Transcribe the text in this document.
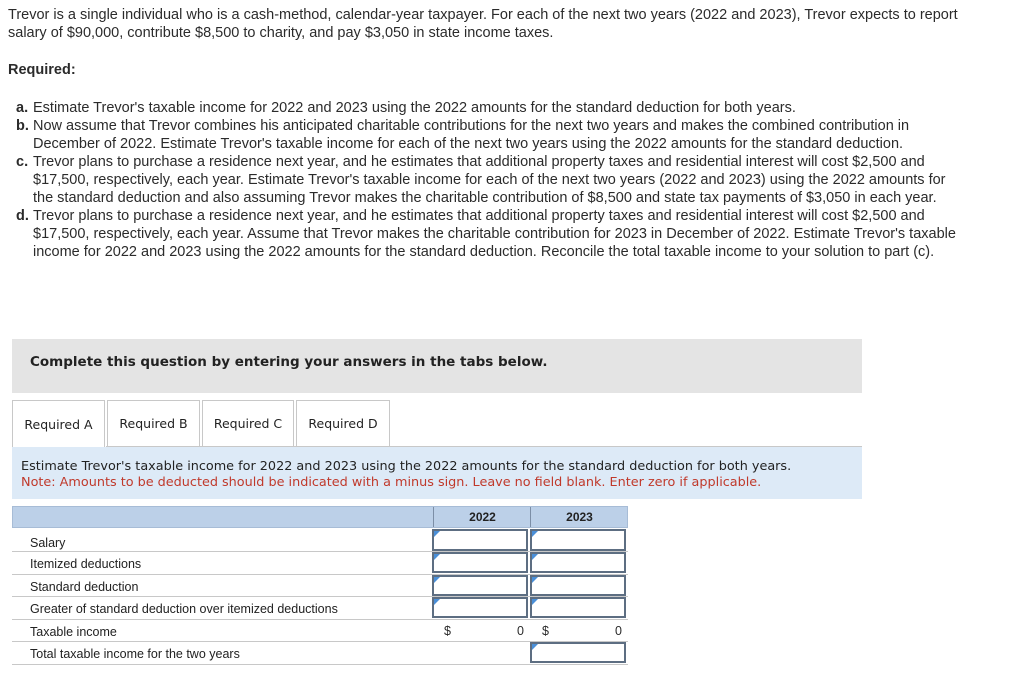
Trevor is a single individual who is a cash-method, calendar-year taxpayer. For each of the next two years (2022 and 2023), Trevor expects to report salary of $90,000, contribute $8,500 to charity, and pay $3,050 in state income taxes.
Required:
a. Estimate Trevor's taxable income for 2022 and 2023 using the 2022 amounts for the standard deduction for both years.
b. Now assume that Trevor combines his anticipated charitable contributions for the next two years and makes the combined contribution in December of 2022. Estimate Trevor's taxable income for each of the next two years using the 2022 amounts for the standard deduction.
c. Trevor plans to purchase a residence next year, and he estimates that additional property taxes and residential interest will cost $2,500 and $17,500, respectively, each year. Estimate Trevor's taxable income for each of the next two years (2022 and 2023) using the 2022 amounts for the standard deduction and also assuming Trevor makes the charitable contribution of $8,500 and state tax payments of $3,050 in each year.
d. Trevor plans to purchase a residence next year, and he estimates that additional property taxes and residential interest will cost $2,500 and $17,500, respectively, each year. Assume that Trevor makes the charitable contribution for 2023 in December of 2022. Estimate Trevor's taxable income for 2022 and 2023 using the 2022 amounts for the standard deduction. Reconcile the total taxable income to your solution to part (c).
Complete this question by entering your answers in the tabs below.
Required A	Required B	Required C	Required D
Estimate Trevor's taxable income for 2022 and 2023 using the 2022 amounts for the standard deduction for both years.
Note: Amounts to be deducted should be indicated with a minus sign. Leave no field blank. Enter zero if applicable.
2022	2023
Salary
Itemized deductions
Standard deduction
Greater of standard deduction over itemized deductions
Taxable income	$	0 $	0
Total taxable income for the two years
